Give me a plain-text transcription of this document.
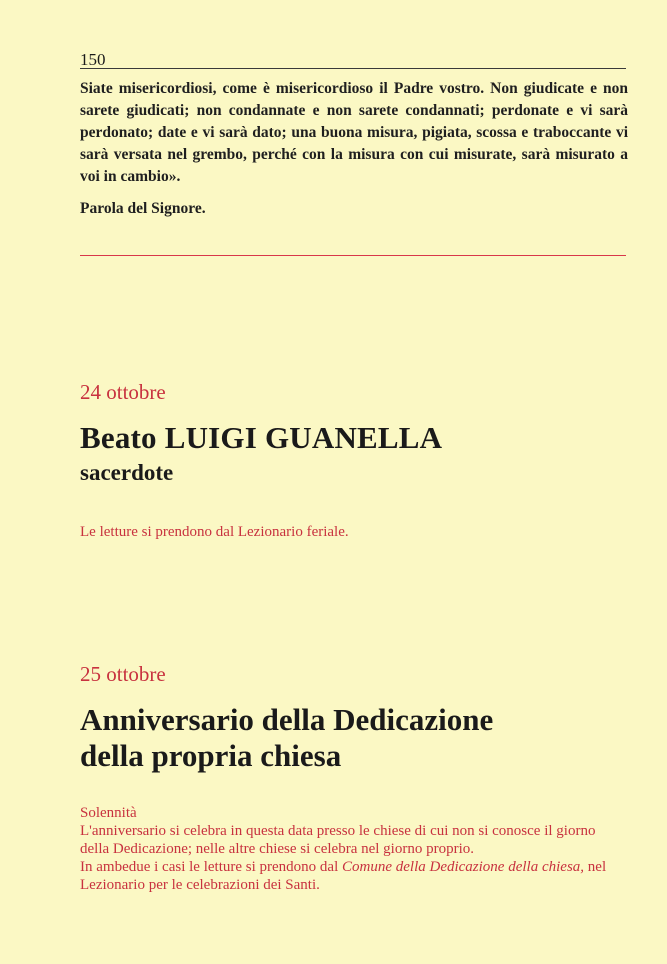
150

Siate misericordiosi, come è misericordioso il Padre vostro. Non giudicate e non sarete giudicati; non condannate e non sarete condannati; perdonate e vi sarà perdonato; date e vi sarà dato; una buona misura, pigiata, scossa e traboccante vi sarà versata nel grembo, perché con la misura con cui misurate, sarà misurato a voi in cambio».

Parola del Signore.

24 ottobre
Beato LUIGI GUANELLA
sacerdote
Le letture si prendono dal Lezionario feriale.
25 ottobre
Anniversario della Dedicazione
della propria chiesa
Solennità
L'anniversario si celebra in questa data presso le chiese di cui non si conosce il giorno della Dedicazione; nelle altre chiese si celebra nel giorno proprio.
In ambedue i casi le letture si prendono dal Comune della Dedicazione della chiesa, nel Lezionario per le celebrazioni dei Santi.
